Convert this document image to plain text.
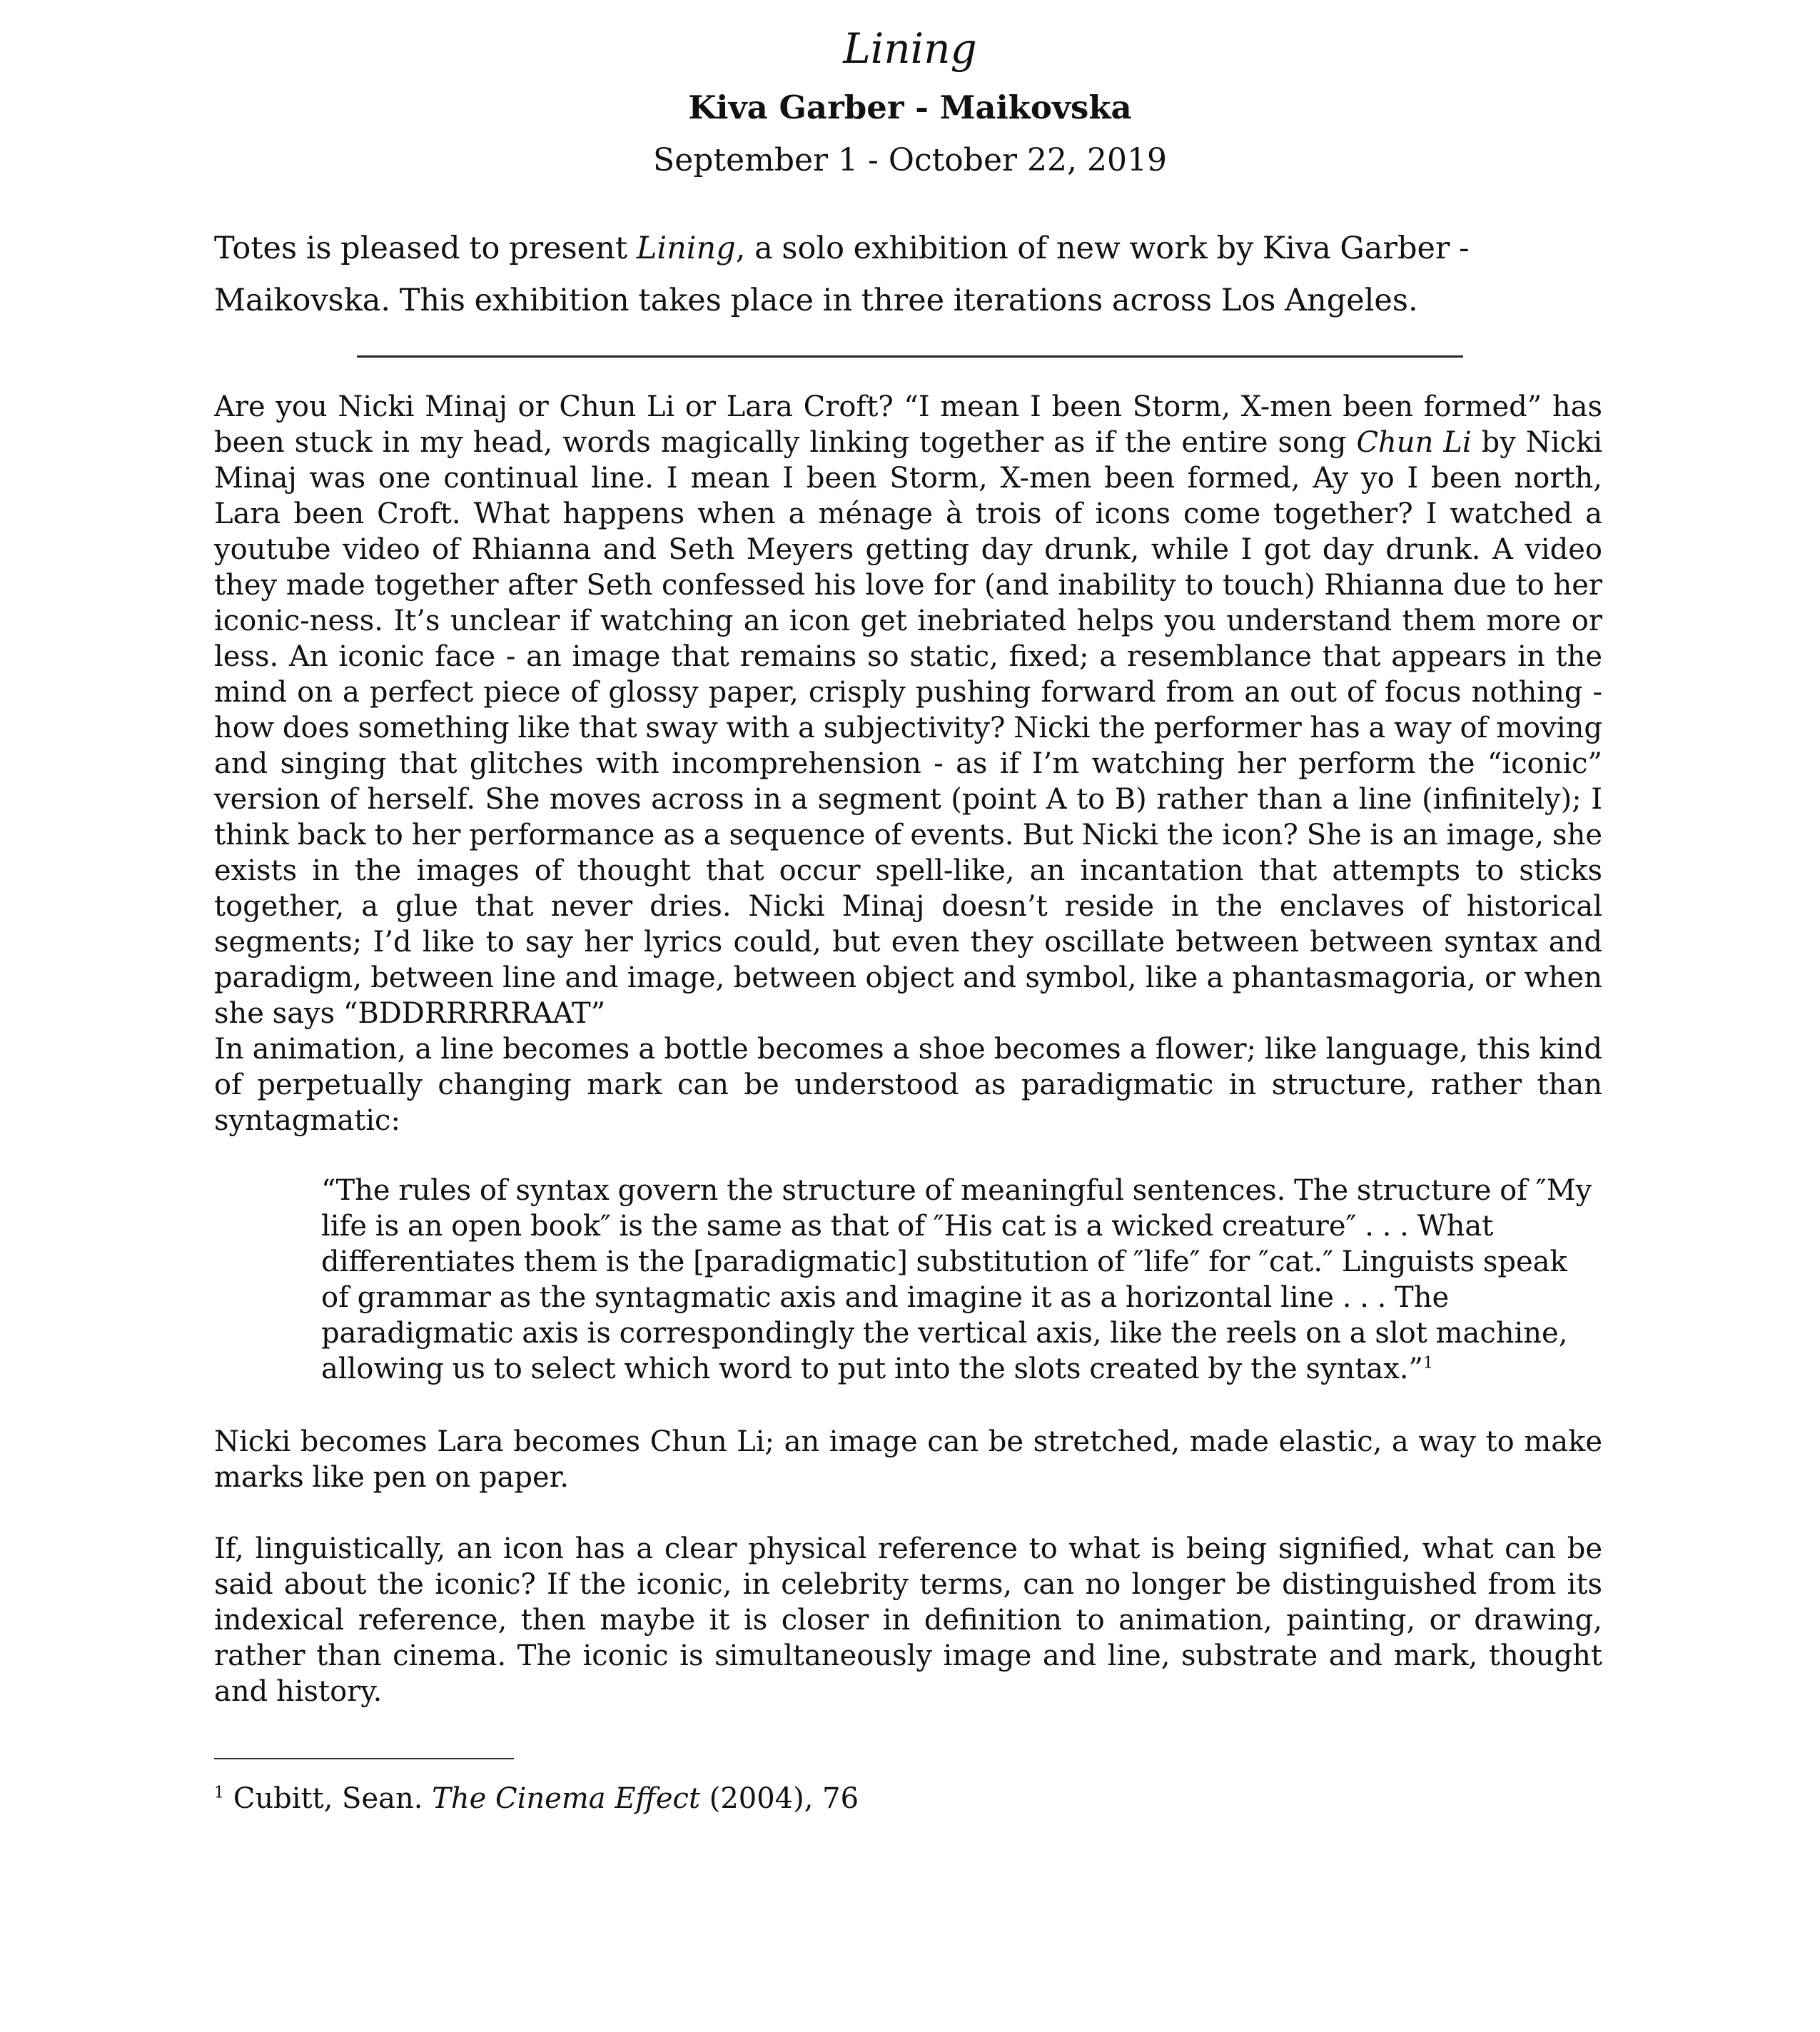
Lining
Kiva Garber - Maikovska
September 1 - October 22, 2019

Totes is pleased to present Lining, a solo exhibition of new work by Kiva Garber - Maikovska. This exhibition takes place in three iterations across Los Angeles.

Are you Nicki Minaj or Chun Li or Lara Croft? “I mean I been Storm, X-men been formed” has been stuck in my head, words magically linking together as if the entire song Chun Li by Nicki Minaj was one continual line. I mean I been Storm, X-men been formed, Ay yo I been north, Lara been Croft. What happens when a ménage à trois of icons come together? I watched a youtube video of Rhianna and Seth Meyers getting day drunk, while I got day drunk. A video they made together after Seth confessed his love for (and inability to touch) Rhianna due to her iconic-ness. It’s unclear if watching an icon get inebriated helps you understand them more or less. An iconic face - an image that remains so static, fixed; a resemblance that appears in the mind on a perfect piece of glossy paper, crisply pushing forward from an out of focus nothing - how does something like that sway with a subjectivity? Nicki the performer has a way of moving and singing that glitches with incomprehension - as if I’m watching her perform the “iconic” version of herself. She moves across in a segment (point A to B) rather than a line (infinitely); I think back to her performance as a sequence of events. But Nicki the icon? She is an image, she exists in the images of thought that occur spell-like, an incantation that attempts to sticks together, a glue that never dries. Nicki Minaj doesn’t reside in the enclaves of historical segments; I’d like to say her lyrics could, but even they oscillate between between syntax and paradigm, between line and image, between object and symbol, like a phantasmagoria, or when she says “BDDRRRRRAAT”

In animation, a line becomes a bottle becomes a shoe becomes a flower; like language, this kind of perpetually changing mark can be understood as paradigmatic in structure, rather than syntagmatic:

“The rules of syntax govern the structure of meaningful sentences. The structure of ″My life is an open book″ is the same as that of ″His cat is a wicked creature″ . . . What differentiates them is the [paradigmatic] substitution of ″life″ for ″cat.″ Linguists speak of grammar as the syntagmatic axis and imagine it as a horizontal line . . . The paradigmatic axis is correspondingly the vertical axis, like the reels on a slot machine, allowing us to select which word to put into the slots created by the syntax.”$^1$

Nicki becomes Lara becomes Chun Li; an image can be stretched, made elastic, a way to make marks like pen on paper.

If, linguistically, an icon has a clear physical reference to what is being signified, what can be said about the iconic? If the iconic, in celebrity terms, can no longer be distinguished from its indexical reference, then maybe it is closer in definition to animation, painting, or drawing, rather than cinema. The iconic is simultaneously image and line, substrate and mark, thought and history.

$^1$ Cubitt, Sean. The Cinema Effect (2004), 76
